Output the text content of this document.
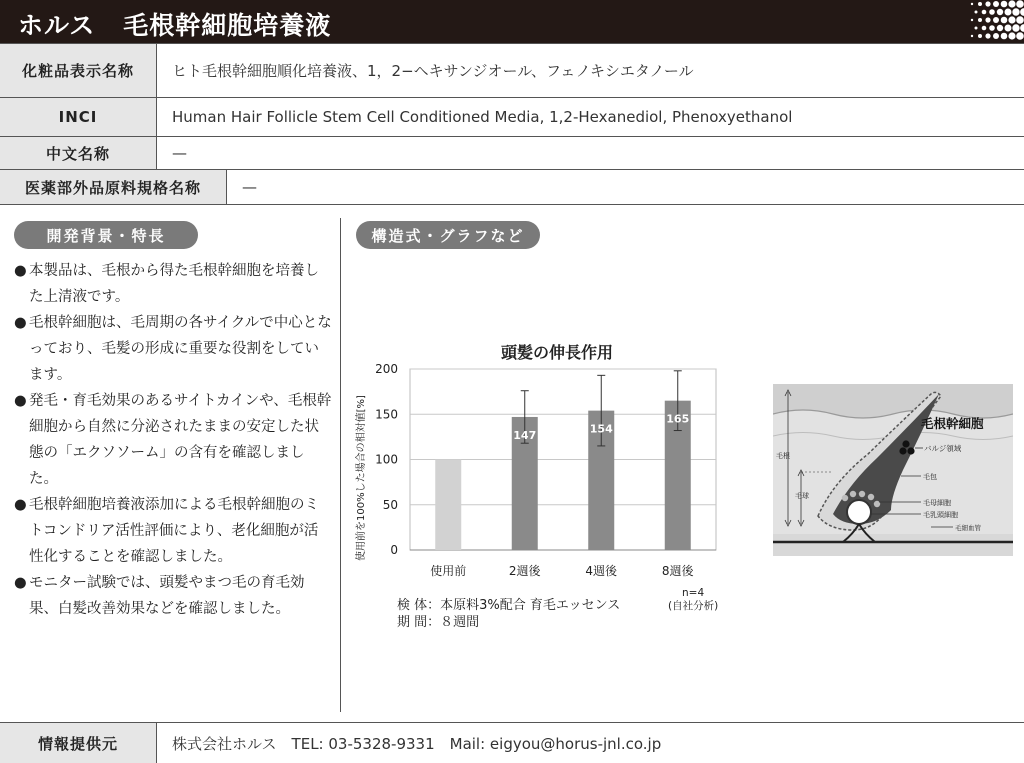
ホルス 毛根幹細胞培養液
化粧品表示名称	ヒト毛根幹細胞順化培養液、1，2−ヘキサンジオール、フェノキシエタノール
INCI	Human Hair Follicle Stem Cell Conditioned Media, 1,2-Hexanediol, Phenoxyethanol
中文名称	—
医薬部外品原料規格名称	—
開発背景・特長	構造式・グラフなど
● 本製品は、毛根から得た毛根幹細胞を培養した上清液です。
● 毛根幹細胞は、毛周期の各サイクルで中心となっており、毛髪の形成に重要な役割をしています。
● 発毛・育毛効果のあるサイトカインや、毛根幹細胞から自然に分泌されたままの安定した状態の「エクソソーム」の含有を確認しました。
● 毛根幹細胞培養液添加による毛根幹細胞のミトコンドリア活性評価により、老化細胞が活性化することを確認しました。
● モニター試験では、頭髪やまつ毛の育毛効果、白髪改善効果などを確認しました。
頭髪の伸長作用
使用前を100%した場合の相対値[%]	147	154
165
0
50
100
150
200
使用前	2週後	4週後	8週後
検 体：本原料3%配合 育毛エッセンス
期 間：８週間
n=4
(自社分析)
毛根幹細胞
バルジ領域
毛包
毛母細胞
毛乳頭細胞
毛細血管
毛根
毛球
情報提供元	株式会社ホルス　TEL: 03-5328-9331　Mail: eigyou@horus-jnl.co.jp
